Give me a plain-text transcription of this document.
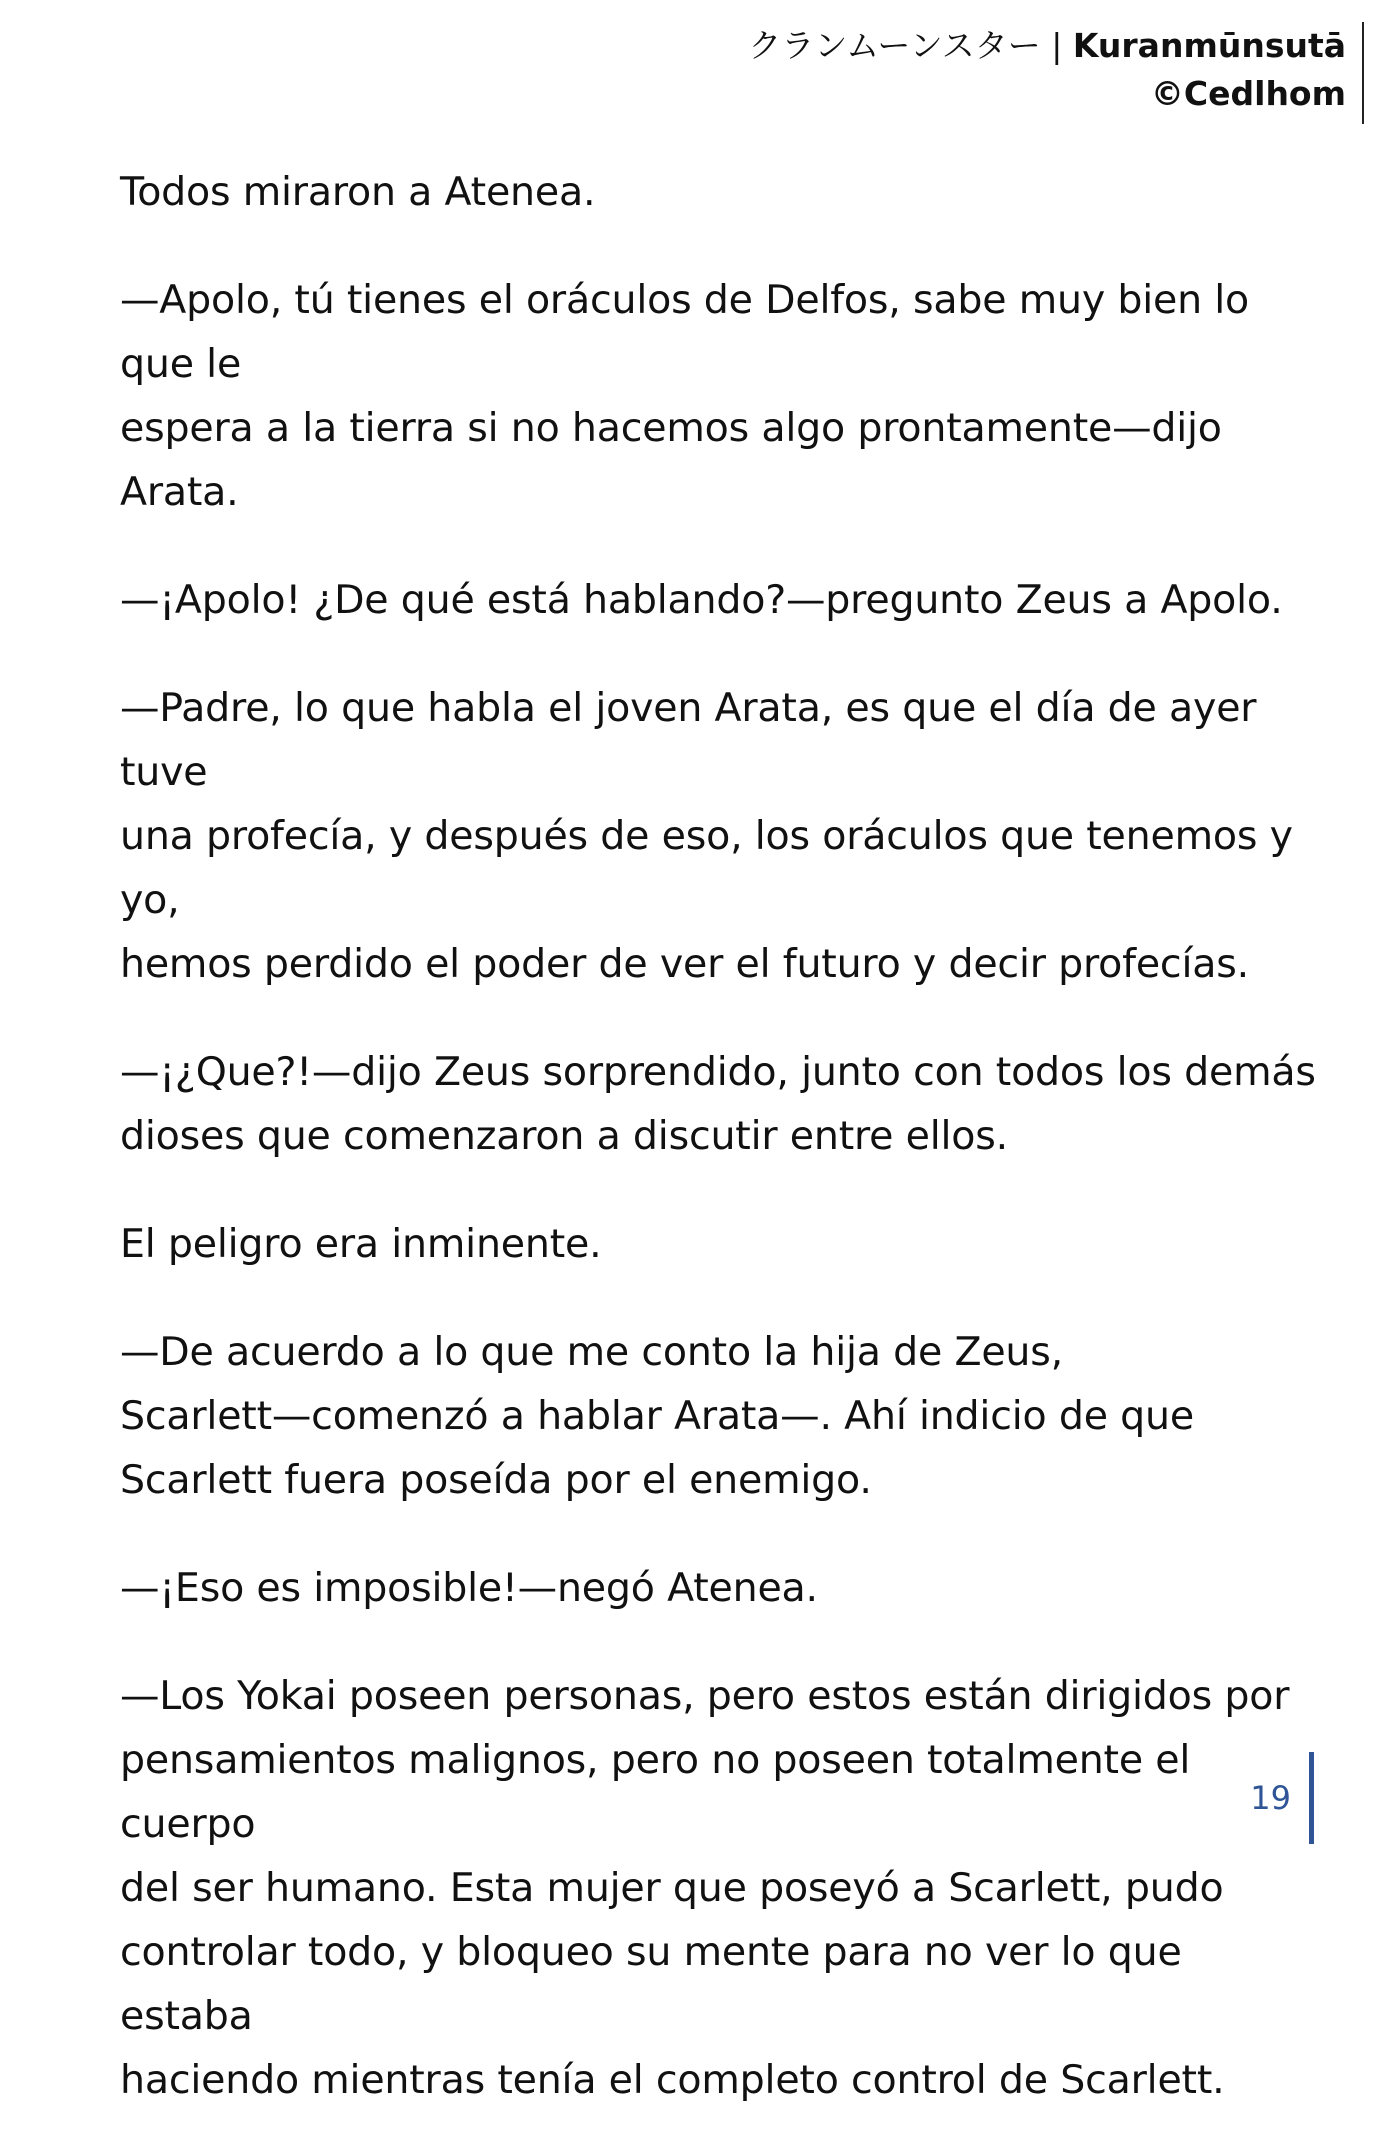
クランムーンスター | Kuranmūnsutā
©Cedlhom

Todos miraron a Atenea.

—Apolo, tú tienes el oráculos de Delfos, sabe muy bien lo que le
espera a la tierra si no hacemos algo prontamente—dijo Arata.

—¡Apolo! ¿De qué está hablando?—pregunto Zeus a Apolo.

—Padre, lo que habla el joven Arata, es que el día de ayer tuve
una profecía, y después de eso, los oráculos que tenemos y yo,
hemos perdido el poder de ver el futuro y decir profecías.

—¡¿Que?!—dijo Zeus sorprendido, junto con todos los demás
dioses que comenzaron a discutir entre ellos.

El peligro era inminente.

—De acuerdo a lo que me conto la hija de Zeus,
Scarlett—comenzó a hablar Arata—. Ahí indicio de que
Scarlett fuera poseída por el enemigo.

—¡Eso es imposible!—negó Atenea.

—Los Yokai poseen personas, pero estos están dirigidos por
pensamientos malignos, pero no poseen totalmente el cuerpo
del ser humano. Esta mujer que poseyó a Scarlett, pudo
controlar todo, y bloqueo su mente para no ver lo que estaba
haciendo mientras tenía el completo control de Scarlett.

19
